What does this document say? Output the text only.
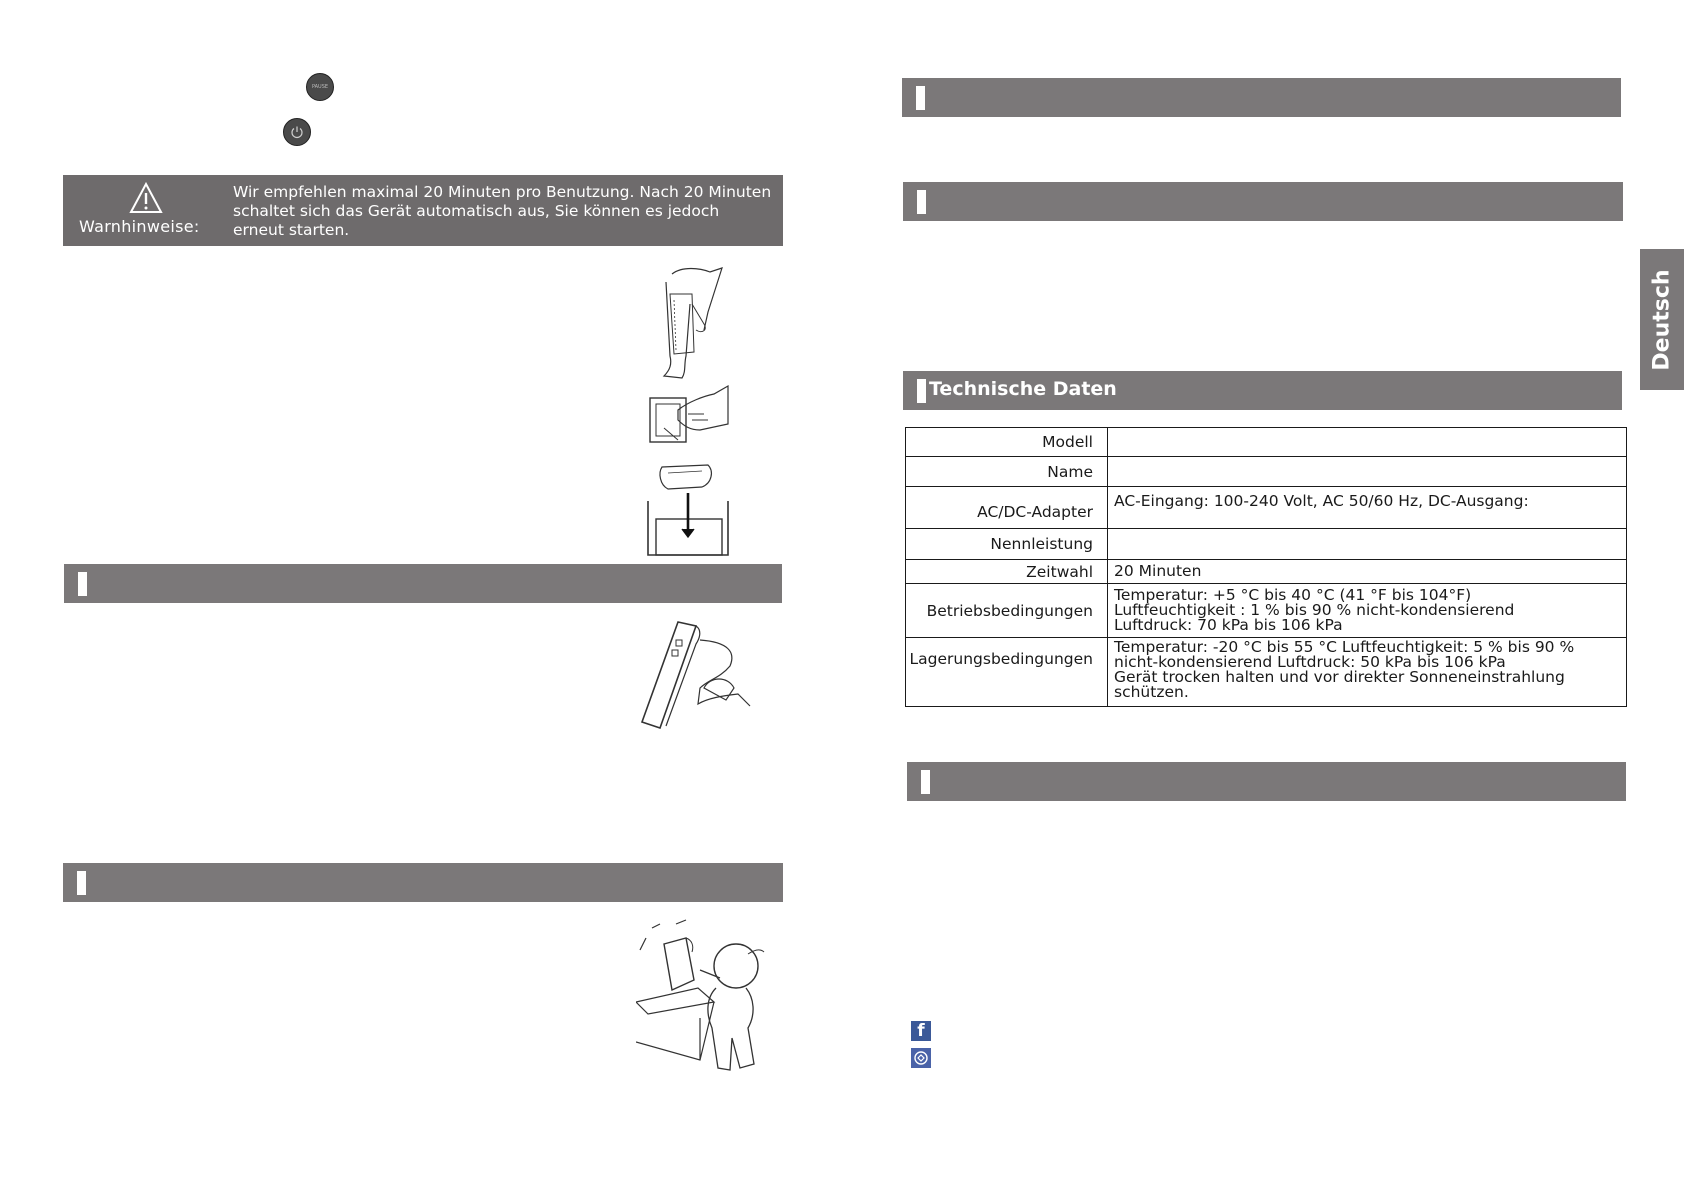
PAUSE
Warnhinweise:
Wir empfehlen maximal 20 Minuten pro Benutzung. Nach 20 Minuten schaltet sich das Gerät automatisch aus, Sie können es jedoch erneut starten.
Technische Daten
Modell	
Name	
AC/DC-Adapter	AC-Eingang: 100-240 Volt, AC 50/60 Hz, DC-Ausgang:
Nennleistung	
Zeitwahl	20 Minuten
Betriebsbedingungen	Temperatur: +5 °C bis 40 °C (41 °F bis 104°F)
Luftfeuchtigkeit : 1 % bis 90 % nicht-kondensierend
Luftdruck: 70 kPa bis 106 kPa

Lagerungsbedingungen	Temperatur: -20 °C bis 55 °C Luftfeuchtigkeit: 5 % bis 90 %
nicht-kondensierend Luftdruck: 50 kPa bis 106 kPa
Gerät trocken halten und vor direkter Sonneneinstrahlung
schützen.
Deutsch
f
